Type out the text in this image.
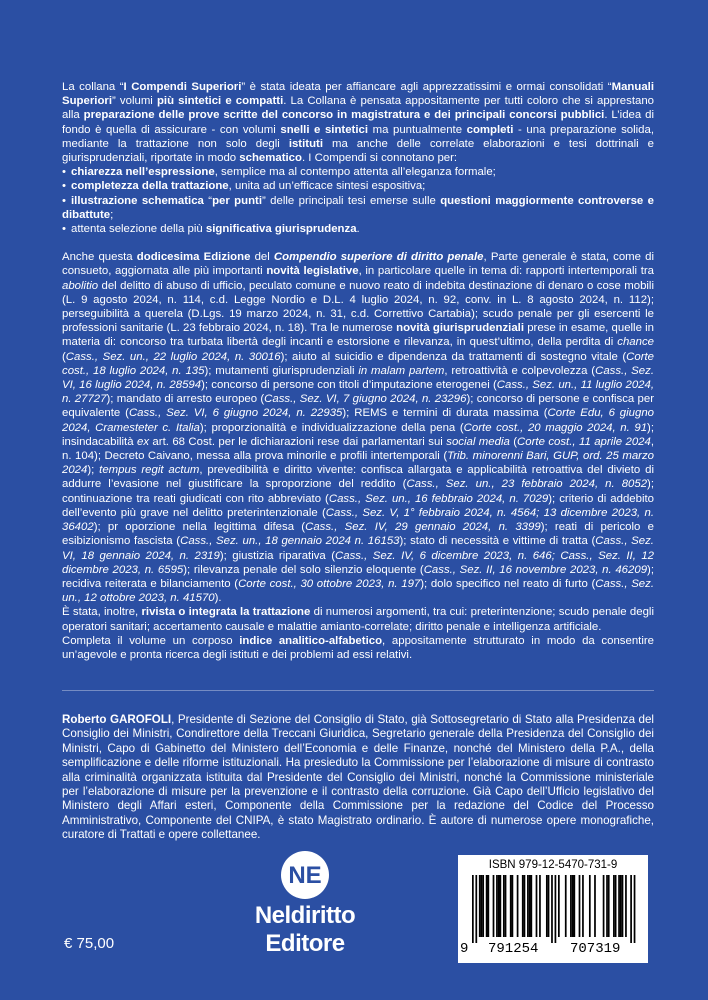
La collana “I Compendi Superiori” è stata ideata per affiancare agli apprezzatissimi e ormai consolidati “Manuali Superiori” volumi più sintetici e compatti. La Collana è pensata appositamente per tutti coloro che si apprestano alla preparazione delle prove scritte del concorso in magistratura e dei principali concorsi pubblici. L’idea di fondo è quella di assicurare - con volumi snelli e sintetici ma puntualmente completi - una preparazione solida, mediante la trattazione non solo degli istituti ma anche delle correlate elaborazioni e tesi dottrinali e giurisprudenziali, riportate in modo schematico. I Compendi si connotano per:

• chiarezza nell’espressione, semplice ma al contempo attenta all’eleganza formale;
• completezza della trattazione, unita ad un’efficace sintesi espositiva;
• illustrazione schematica “per punti” delle principali tesi emerse sulle questioni maggiormente controverse e dibattute;
• attenta selezione della più significativa giurisprudenza.

Anche questa dodicesima Edizione del Compendio superiore di diritto penale, Parte generale è stata, come di consueto, aggiornata alle più importanti novità legislative, in particolare quelle in tema di: rapporti intertemporali tra abolitio del delitto di abuso di ufficio, peculato comune e nuovo reato di indebita destinazione di denaro o cose mobili (L. 9 agosto 2024, n. 114, c.d. Legge Nordio e D.L. 4 luglio 2024, n. 92, conv. in L. 8 agosto 2024, n. 112); perseguibilità a querela (D.Lgs. 19 marzo 2024, n. 31, c.d. Correttivo Cartabia); scudo penale per gli esercenti le professioni sanitarie (L. 23 febbraio 2024, n. 18). Tra le numerose novità giurisprudenziali prese in esame, quelle in materia di: concorso tra turbata libertà degli incanti e estorsione e rilevanza, in quest’ultimo, della perdita di chance (Cass., Sez. un., 22 luglio 2024, n. 30016); aiuto al suicidio e dipendenza da trattamenti di sostegno vitale (Corte cost., 18 luglio 2024, n. 135); mutamenti giurisprudenziali in malam partem, retroattività e colpevolezza (Cass., Sez. VI, 16 luglio 2024, n. 28594); concorso di persone con titoli d’imputazione eterogenei (Cass., Sez. un., 11 luglio 2024, n. 27727); mandato di arresto europeo (Cass., Sez. VI, 7 giugno 2024, n. 23296); concorso di persone e confisca per equivalente (Cass., Sez. VI, 6 giugno 2024, n. 22935); REMS e termini di durata massima (Corte Edu, 6 giugno 2024, Cramesteter c. Italia); proporzionalità e individualizzazione della pena (Corte cost., 20 maggio 2024, n. 91); insindacabilità ex art. 68 Cost. per le dichiarazioni rese dai parlamentari sui social media (Corte cost., 11 aprile 2024, n. 104); Decreto Caivano, messa alla prova minorile e profili intertemporali (Trib. minorenni Bari, GUP, ord. 25 marzo 2024); tempus regit actum, prevedibilità e diritto vivente: confisca allargata e applicabilità retroattiva del divieto di addurre l’evasione nel giustificare la sproporzione del reddito (Cass., Sez. un., 23 febbraio 2024, n. 8052); continuazione tra reati giudicati con rito abbreviato (Cass., Sez. un., 16 febbraio 2024, n. 7029); criterio di addebito dell’evento più grave nel delitto preterintenzionale (Cass., Sez. V, 1° febbraio 2024, n. 4564; 13 dicembre 2023, n. 36402); pr oporzione nella legittima difesa (Cass., Sez. IV, 29 gennaio 2024, n. 3399); reati di pericolo e esibizionismo fascista (Cass., Sez. un., 18 gennaio 2024 n. 16153); stato di necessità e vittime di tratta (Cass., Sez. VI, 18 gennaio 2024, n. 2319); giustizia riparativa (Cass., Sez. IV, 6 dicembre 2023, n. 646; Cass., Sez. II, 12 dicembre 2023, n. 6595); rilevanza penale del solo silenzio eloquente (Cass., Sez. II, 16 novembre 2023, n. 46209); recidiva reiterata e bilanciamento (Corte cost., 30 ottobre 2023, n. 197); dolo specifico nel reato di furto (Cass., Sez. un., 12 ottobre 2023, n. 41570).

È stata, inoltre, rivista o integrata la trattazione di numerosi argomenti, tra cui: preterintenzione; scudo penale degli operatori sanitari; accertamento causale e malattie amianto-correlate; diritto penale e intelligenza artificiale.

Completa il volume un corposo indice analitico-alfabetico, appositamente strutturato in modo da consentire un’agevole e pronta ricerca degli istituti e dei problemi ad essi relativi.

Roberto GAROFOLI, Presidente di Sezione del Consiglio di Stato, già Sottosegretario di Stato alla Presidenza del Consiglio dei Ministri, Condirettore della Treccani Giuridica, Segretario generale della Presidenza del Consiglio dei Ministri, Capo di Gabinetto del Ministero dell’Economia e delle Finanze, nonché del Ministero della P.A., della semplificazione e delle riforme istituzionali. Ha presieduto la Commissione per l’elaborazione di misure di contrasto alla criminalità organizzata istituita dal Presidente del Consiglio dei Ministri, nonché la Commissione ministeriale per l’elaborazione di misure per la prevenzione e il contrasto della corruzione. Già Capo dell’Ufficio legislativo del Ministero degli Affari esteri, Componente della Commissione per la redazione del Codice del Processo Amministrativo, Componente del CNIPA, è stato Magistrato ordinario. È autore di numerose opere monografiche, curatore di Trattati e opere collettanee.
NE
Neldiritto
Editore
€ 75,00
ISBN 979-12-5470-731-9
9 791254 707319
